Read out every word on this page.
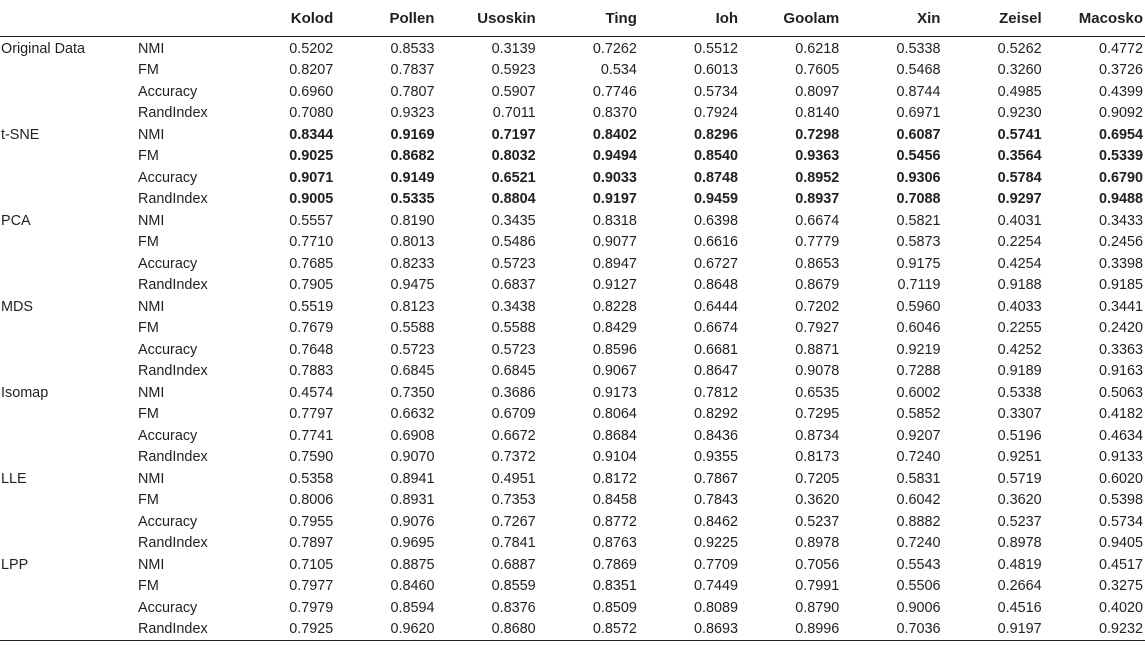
		Kolod	Pollen	Usoskin	Ting	Ioh	Goolam	Xin	Zeisel	Macosko
Original Data	NMI	0.5202	0.8533	0.3139	0.7262	0.5512	0.6218	0.5338	0.5262	0.4772
	FM	0.8207	0.7837	0.5923	0.534	0.6013	0.7605	0.5468	0.3260	0.3726
	Accuracy	0.6960	0.7807	0.5907	0.7746	0.5734	0.8097	0.8744	0.4985	0.4399
	RandIndex	0.7080	0.9323	0.7011	0.8370	0.7924	0.8140	0.6971	0.9230	0.9092
t-SNE	NMI	0.8344	0.9169	0.7197	0.8402	0.8296	0.7298	0.6087	0.5741	0.6954
	FM	0.9025	0.8682	0.8032	0.9494	0.8540	0.9363	0.5456	0.3564	0.5339
	Accuracy	0.9071	0.9149	0.6521	0.9033	0.8748	0.8952	0.9306	0.5784	0.6790
	RandIndex	0.9005	0.5335	0.8804	0.9197	0.9459	0.8937	0.7088	0.9297	0.9488
PCA	NMI	0.5557	0.8190	0.3435	0.8318	0.6398	0.6674	0.5821	0.4031	0.3433
	FM	0.7710	0.8013	0.5486	0.9077	0.6616	0.7779	0.5873	0.2254	0.2456
	Accuracy	0.7685	0.8233	0.5723	0.8947	0.6727	0.8653	0.9175	0.4254	0.3398
	RandIndex	0.7905	0.9475	0.6837	0.9127	0.8648	0.8679	0.7119	0.9188	0.9185
MDS	NMI	0.5519	0.8123	0.3438	0.8228	0.6444	0.7202	0.5960	0.4033	0.3441
	FM	0.7679	0.5588	0.5588	0.8429	0.6674	0.7927	0.6046	0.2255	0.2420
	Accuracy	0.7648	0.5723	0.5723	0.8596	0.6681	0.8871	0.9219	0.4252	0.3363
	RandIndex	0.7883	0.6845	0.6845	0.9067	0.8647	0.9078	0.7288	0.9189	0.9163
Isomap	NMI	0.4574	0.7350	0.3686	0.9173	0.7812	0.6535	0.6002	0.5338	0.5063
	FM	0.7797	0.6632	0.6709	0.8064	0.8292	0.7295	0.5852	0.3307	0.4182
	Accuracy	0.7741	0.6908	0.6672	0.8684	0.8436	0.8734	0.9207	0.5196	0.4634
	RandIndex	0.7590	0.9070	0.7372	0.9104	0.9355	0.8173	0.7240	0.9251	0.9133
LLE	NMI	0.5358	0.8941	0.4951	0.8172	0.7867	0.7205	0.5831	0.5719	0.6020
	FM	0.8006	0.8931	0.7353	0.8458	0.7843	0.3620	0.6042	0.3620	0.5398
	Accuracy	0.7955	0.9076	0.7267	0.8772	0.8462	0.5237	0.8882	0.5237	0.5734
	RandIndex	0.7897	0.9695	0.7841	0.8763	0.9225	0.8978	0.7240	0.8978	0.9405
LPP	NMI	0.7105	0.8875	0.6887	0.7869	0.7709	0.7056	0.5543	0.4819	0.4517
	FM	0.7977	0.8460	0.8559	0.8351	0.7449	0.7991	0.5506	0.2664	0.3275
	Accuracy	0.7979	0.8594	0.8376	0.8509	0.8089	0.8790	0.9006	0.4516	0.4020
	RandIndex	0.7925	0.9620	0.8680	0.8572	0.8693	0.8996	0.7036	0.9197	0.9232
